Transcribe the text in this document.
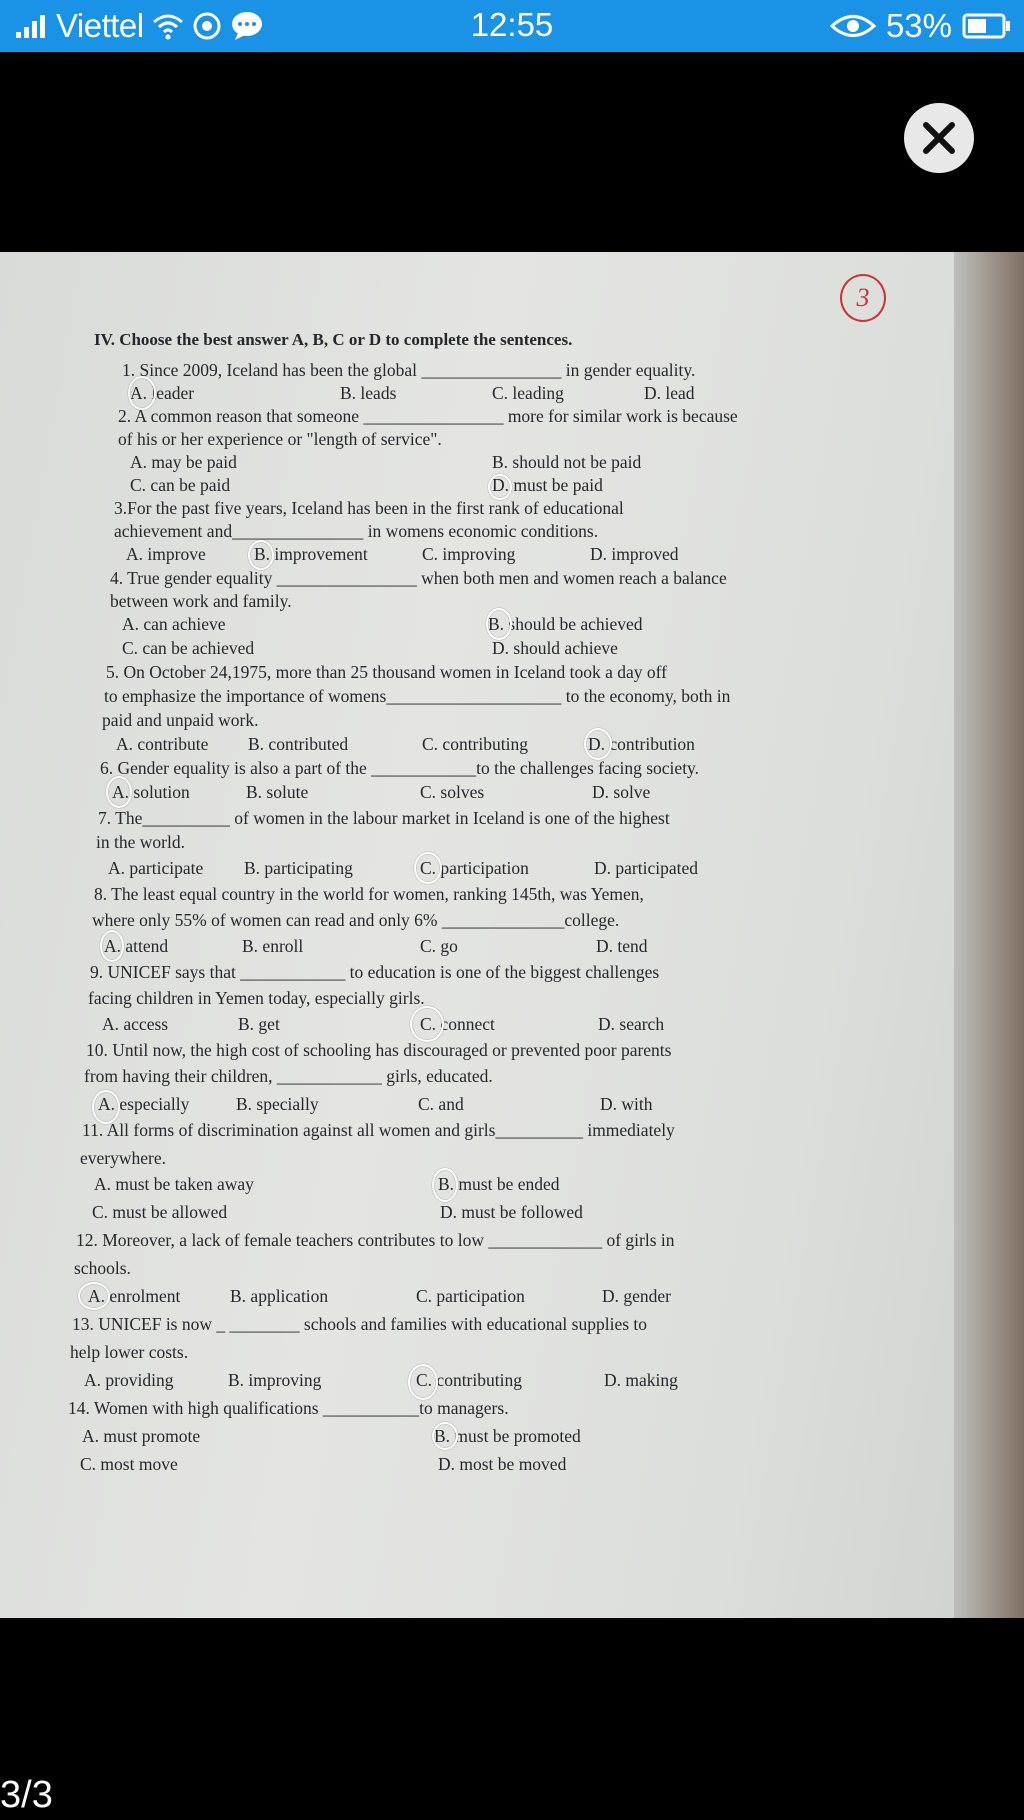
Viettel	12:55	53%
3
IV. Choose the best answer A, B, C or D to complete the sentences.
1. Since 2009, Iceland has been the global ________________ in gender equality.
A. leader	B. leads	C. leading	D. lead
2. A common reason that someone ________________ more for similar work is because
of his or her experience or "length of service".
A. may be paid	B. should not be paid
C. can be paid	D. must be paid
3.For the past five years, Iceland has been in the first rank of educational
achievement and_______________ in womens economic conditions.
A. improve	B. improvement	C. improving	D. improved
4. True gender equality ________________ when both men and women reach a balance
between work and family.
A. can achieve	B. should be achieved
C. can be achieved	D. should achieve
5. On October 24,1975, more than 25 thousand women in Iceland took a day off
to emphasize the importance of womens____________________ to the economy, both in
paid and unpaid work.
A. contribute B. contributed	C. contributing	D. contribution
6. Gender equality is also a part of the ____________to the challenges facing society.
A. solution	B. solute	C. solves	D. solve
7. The__________ of women in the labour market in Iceland is one of the highest
in the world.
A. participate B. participating	C. participation	D. participated
8. The least equal country in the world for women, ranking 145th, was Yemen,
where only 55% of women can read and only 6% ______________college.
A. attend	B. enroll	C. go	D. tend
9. UNICEF says that ____________ to education is one of the biggest challenges
facing children in Yemen today, especially girls.
A. access	B. get	C. connect	D. search
10. Until now, the high cost of schooling has discouraged or prevented poor parents
from having their children, ____________ girls, educated.
A. especially	B. specially	C. and	D. with
11. All forms of discrimination against all women and girls__________ immediately
everywhere.
A. must be taken away	B. must be ended
C. must be allowed	D. must be followed
12. Moreover, a lack of female teachers contributes to low _____________ of girls in
schools.
A. enrolment	B. application	C. participation	D. gender
13. UNICEF is now _ ________ schools and families with educational supplies to
help lower costs.
A. providing	B. improving	C. contributing	D. making
14. Women with high qualifications ___________to managers.
A. must promote	B. must be promoted
C. most move	D. most be moved
3/3
